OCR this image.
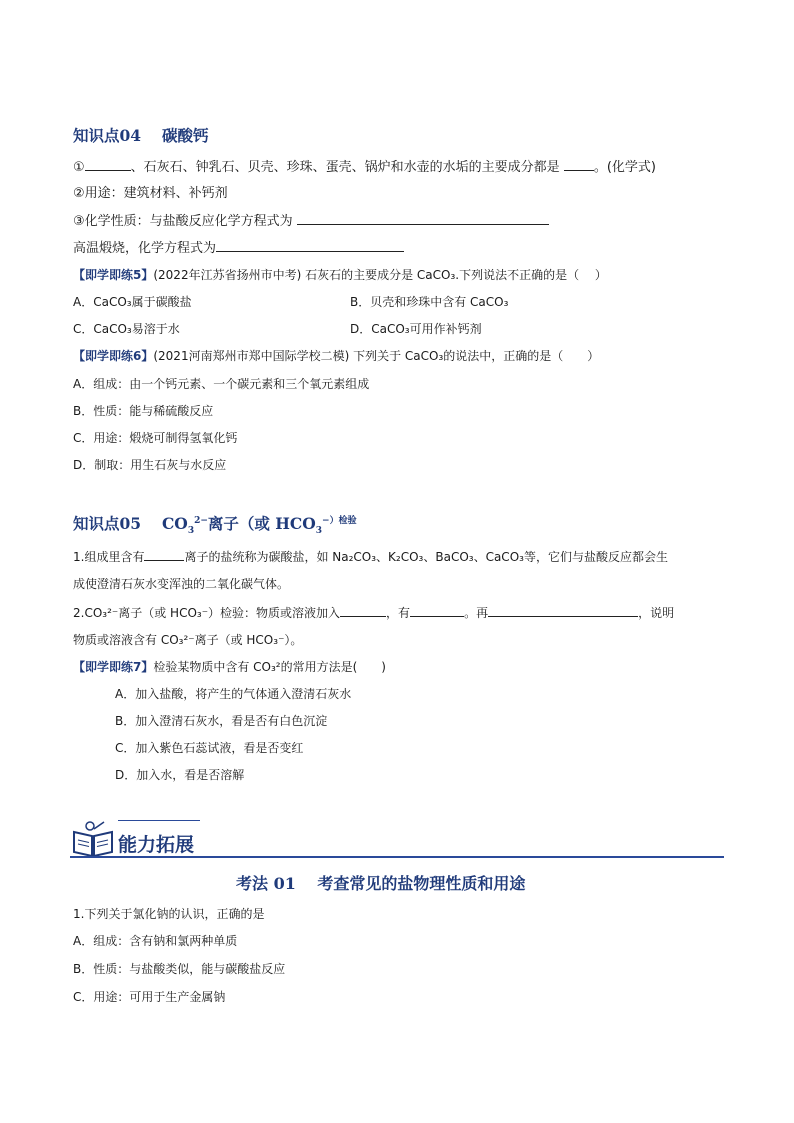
知识点04　 碳酸钙
①	、石灰石、钟乳石、贝壳、珍珠、蛋壳、锅炉和水壶的水垢的主要成分都是	。(化学式)
②用途：建筑材料、补钙剂
③化学性质：与盐酸反应化学方程式为
高温煅烧，化学方程式为
【即学即练5】(2022年江苏省扬州市中考) 石灰石的主要成分是 CaCO₃.下列说法不正确的是（　 ）
A．CaCO₃属于碳酸盐	B．贝壳和珍珠中含有 CaCO₃
C．CaCO₃易溶于水	D．CaCO₃可用作补钙剂
【即学即练6】(2021河南郑州市郑中国际学校二模) 下列关于 CaCO₃的说法中，正确的是（　　）
A．组成：由一个钙元素、一个碳元素和三个氧元素组成
B．性质：能与稀硫酸反应
C．用途：煅烧可制得氢氧化钙
D．制取：用生石灰与水反应
知识点05　 $CO_3^{2-}$离子（或 $HCO_3^{-)检验}$
1.组成里含有	离子的盐统称为碳酸盐，如 Na₂CO₃、K₂CO₃、BaCO₃、CaCO₃等，它们与盐酸反应都会生
成使澄清石灰水变浑浊的二氧化碳气体。
2.CO₃²⁻离子（或 HCO₃⁻）检验：物质或溶液加入	，有	。再	，说明
物质或溶液含有 CO₃²⁻离子（或 HCO₃⁻）。
【即学即练7】检验某物质中含有 CO₃²的常用方法是(　　)
A．加入盐酸，将产生的气体通入澄清石灰水
B．加入澄清石灰水，看是否有白色沉淀
C．加入紫色石蕊试液，看是否变红
D．加入水，看是否溶解
能力拓展
考法 01　 考查常见的盐物理性质和用途
1.下列关于氯化钠的认识，正确的是
A．组成：含有钠和氯两种单质
B．性质：与盐酸类似，能与碳酸盐反应
C．用途：可用于生产金属钠
